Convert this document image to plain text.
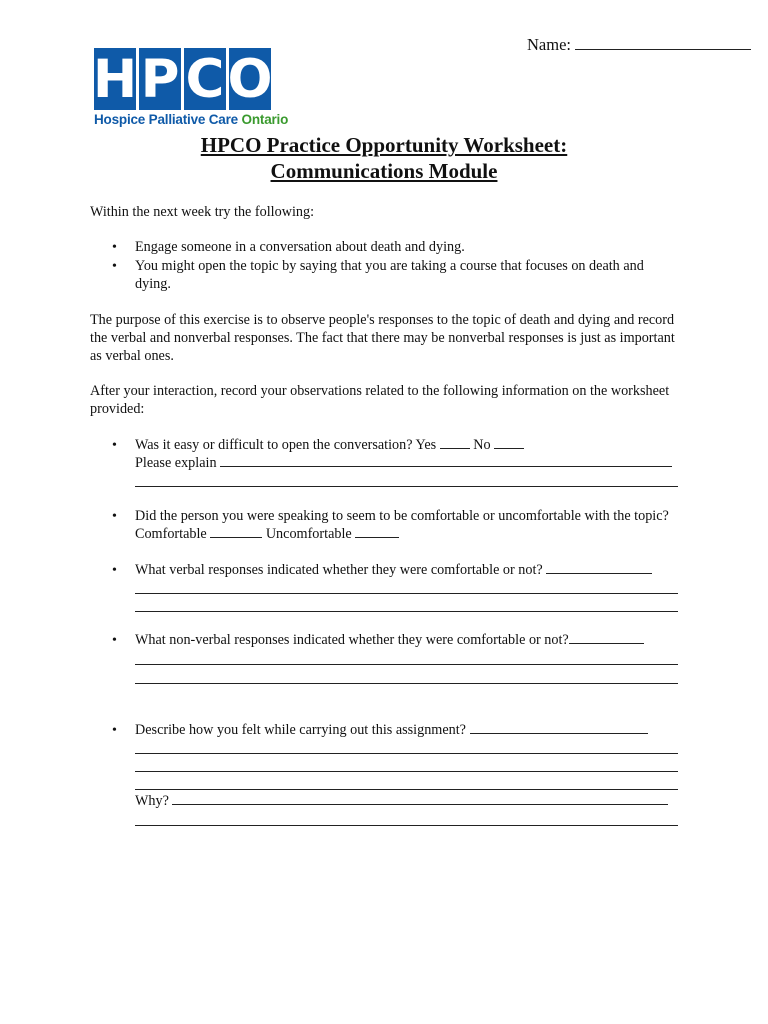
Name:
H P C O
Hospice Palliative Care Ontario
HPCO Practice Opportunity Worksheet:
Communications Module
Within the next week try the following:
• Engage someone in a conversation about death and dying.
• You might open the topic by saying that you are taking a course that focuses on death and dying.
The purpose of this exercise is to observe people's responses to the topic of death and dying and record the verbal and nonverbal responses. The fact that there may be nonverbal responses is just as important as verbal ones.
After your interaction, record your observations related to the following information on the worksheet provided:
• Was it easy or difficult to open the conversation? Yes	No
Please explain
• Did the person you were speaking to seem to be comfortable or uncomfortable with the topic? Comfortable	Uncomfortable
• What verbal responses indicated whether they were comfortable or not?
• What non-verbal responses indicated whether they were comfortable or not?
• Describe how you felt while carrying out this assignment?
Why?
